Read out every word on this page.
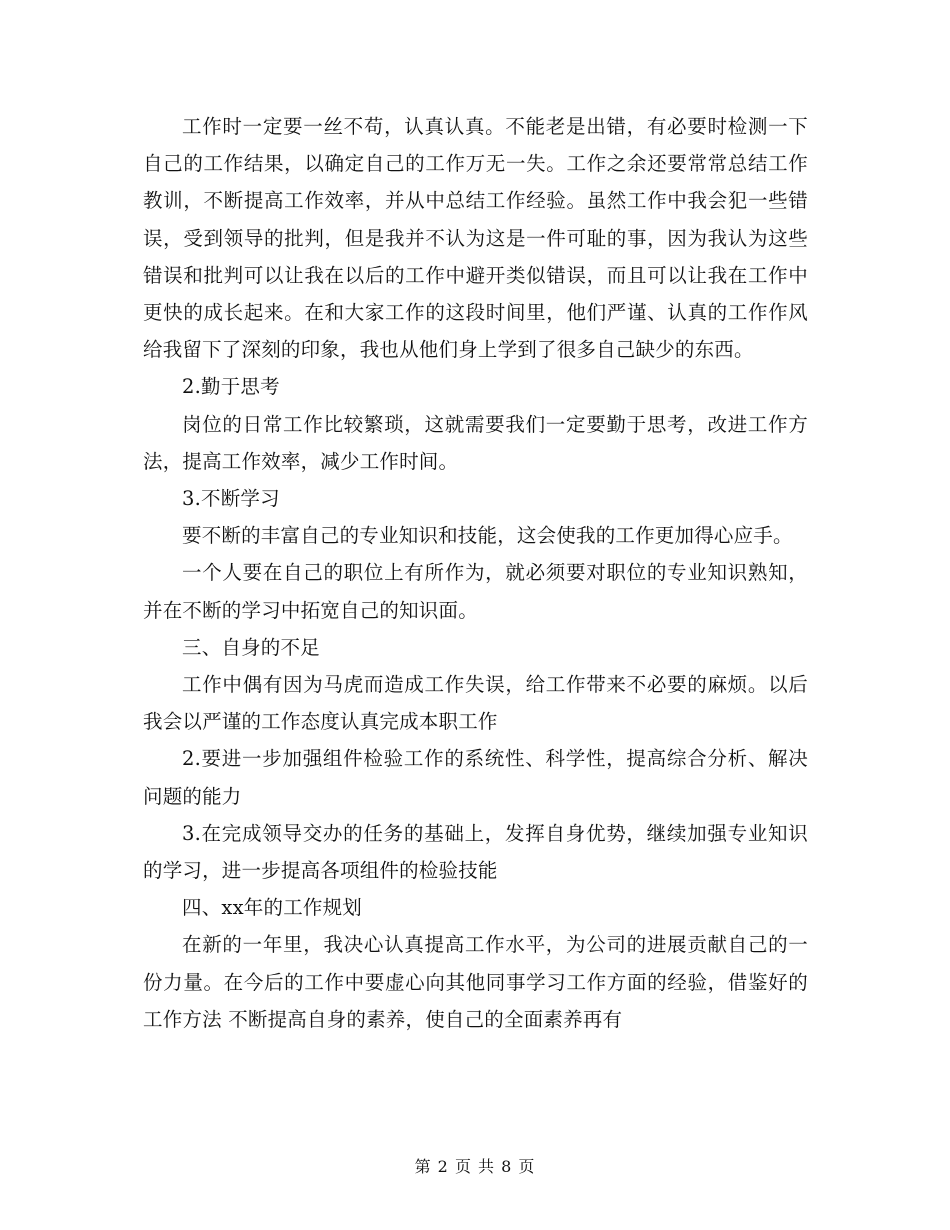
工作时一定要一丝不苟，认真认真。不能老是出错，有必要时检测一下自己的工作结果，以确定自己的工作万无一失。工作之余还要常常总结工作教训，不断提高工作效率，并从中总结工作经验。虽然工作中我会犯一些错误，受到领导的批判，但是我并不认为这是一件可耻的事，因为我认为这些错误和批判可以让我在以后的工作中避开类似错误，而且可以让我在工作中更快的成长起来。在和大家工作的这段时间里，他们严谨、认真的工作作风给我留下了深刻的印象，我也从他们身上学到了很多自己缺少的东西。

2.勤于思考

岗位的日常工作比较繁琐，这就需要我们一定要勤于思考，改进工作方法，提高工作效率，减少工作时间。

3.不断学习

要不断的丰富自己的专业知识和技能，这会使我的工作更加得心应手。

一个人要在自己的职位上有所作为，就必须要对职位的专业知识熟知，并在不断的学习中拓宽自己的知识面。

三、自身的不足

工作中偶有因为马虎而造成工作失误，给工作带来不必要的麻烦。以后我会以严谨的工作态度认真完成本职工作

2.要进一步加强组件检验工作的系统性、科学性，提高综合分析、解决问题的能力

3.在完成领导交办的任务的基础上，发挥自身优势，继续加强专业知识的学习，进一步提高各项组件的检验技能

四、xx年的工作规划

在新的一年里，我决心认真提高工作水平，为公司的进展贡献自己的一份力量。在今后的工作中要虚心向其他同事学习工作方面的经验，借鉴好的工作方法 不断提高自身的素养，使自己的全面素养再有

第 2 页 共 8 页
